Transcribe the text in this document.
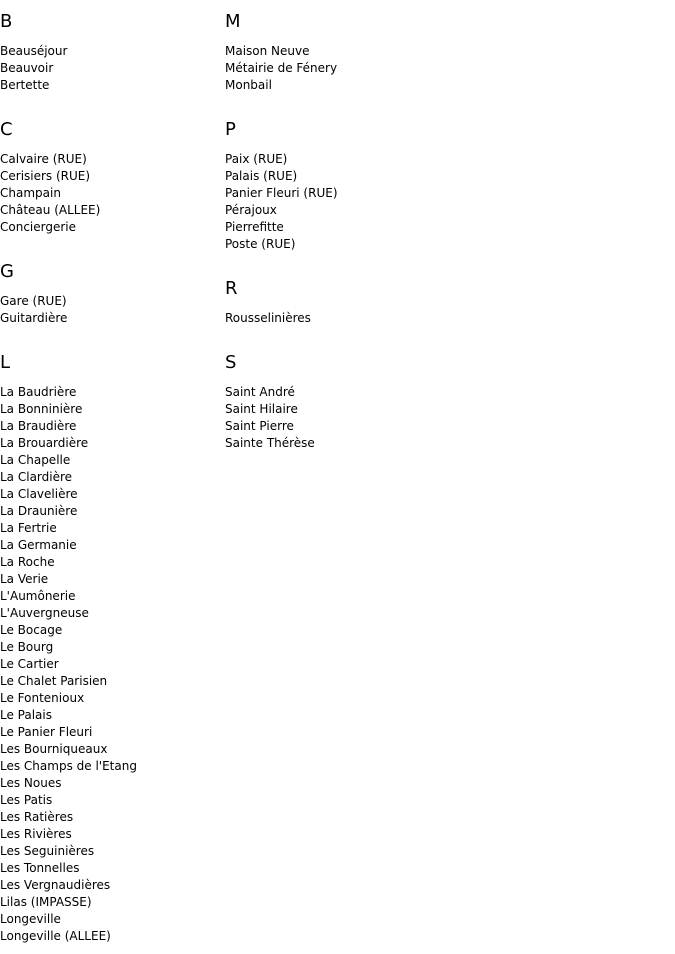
B
Beauséjour
Beauvoir
Bertette
C
Calvaire (RUE)
Cerisiers (RUE)
Champain
Château (ALLEE)
Conciergerie
G
Gare (RUE)
Guitardière
L
La Baudrière
La Bonninière
La Braudière
La Brouardière
La Chapelle
La Clardière
La Clavelière
La Draunière
La Fertrie
La Germanie
La Roche
La Verie
L'Aumônerie
L'Auvergneuse
Le Bocage
Le Bourg
Le Cartier
Le Chalet Parisien
Le Fontenioux
Le Palais
Le Panier Fleuri
Les Bourniqueaux
Les Champs de l'Etang
Les Noues
Les Patis
Les Ratières
Les Rivières
Les Seguinières
Les Tonnelles
Les Vergnaudières
Lilas (IMPASSE)
Longeville
Longeville (ALLEE)
M
Maison Neuve
Métairie de Fénery
Monbail
P
Paix (RUE)
Palais (RUE)
Panier Fleuri (RUE)
Pérajoux
Pierrefitte
Poste (RUE)
R
Rousselinières
S
Saint André
Saint Hilaire
Saint Pierre
Sainte Thérèse
